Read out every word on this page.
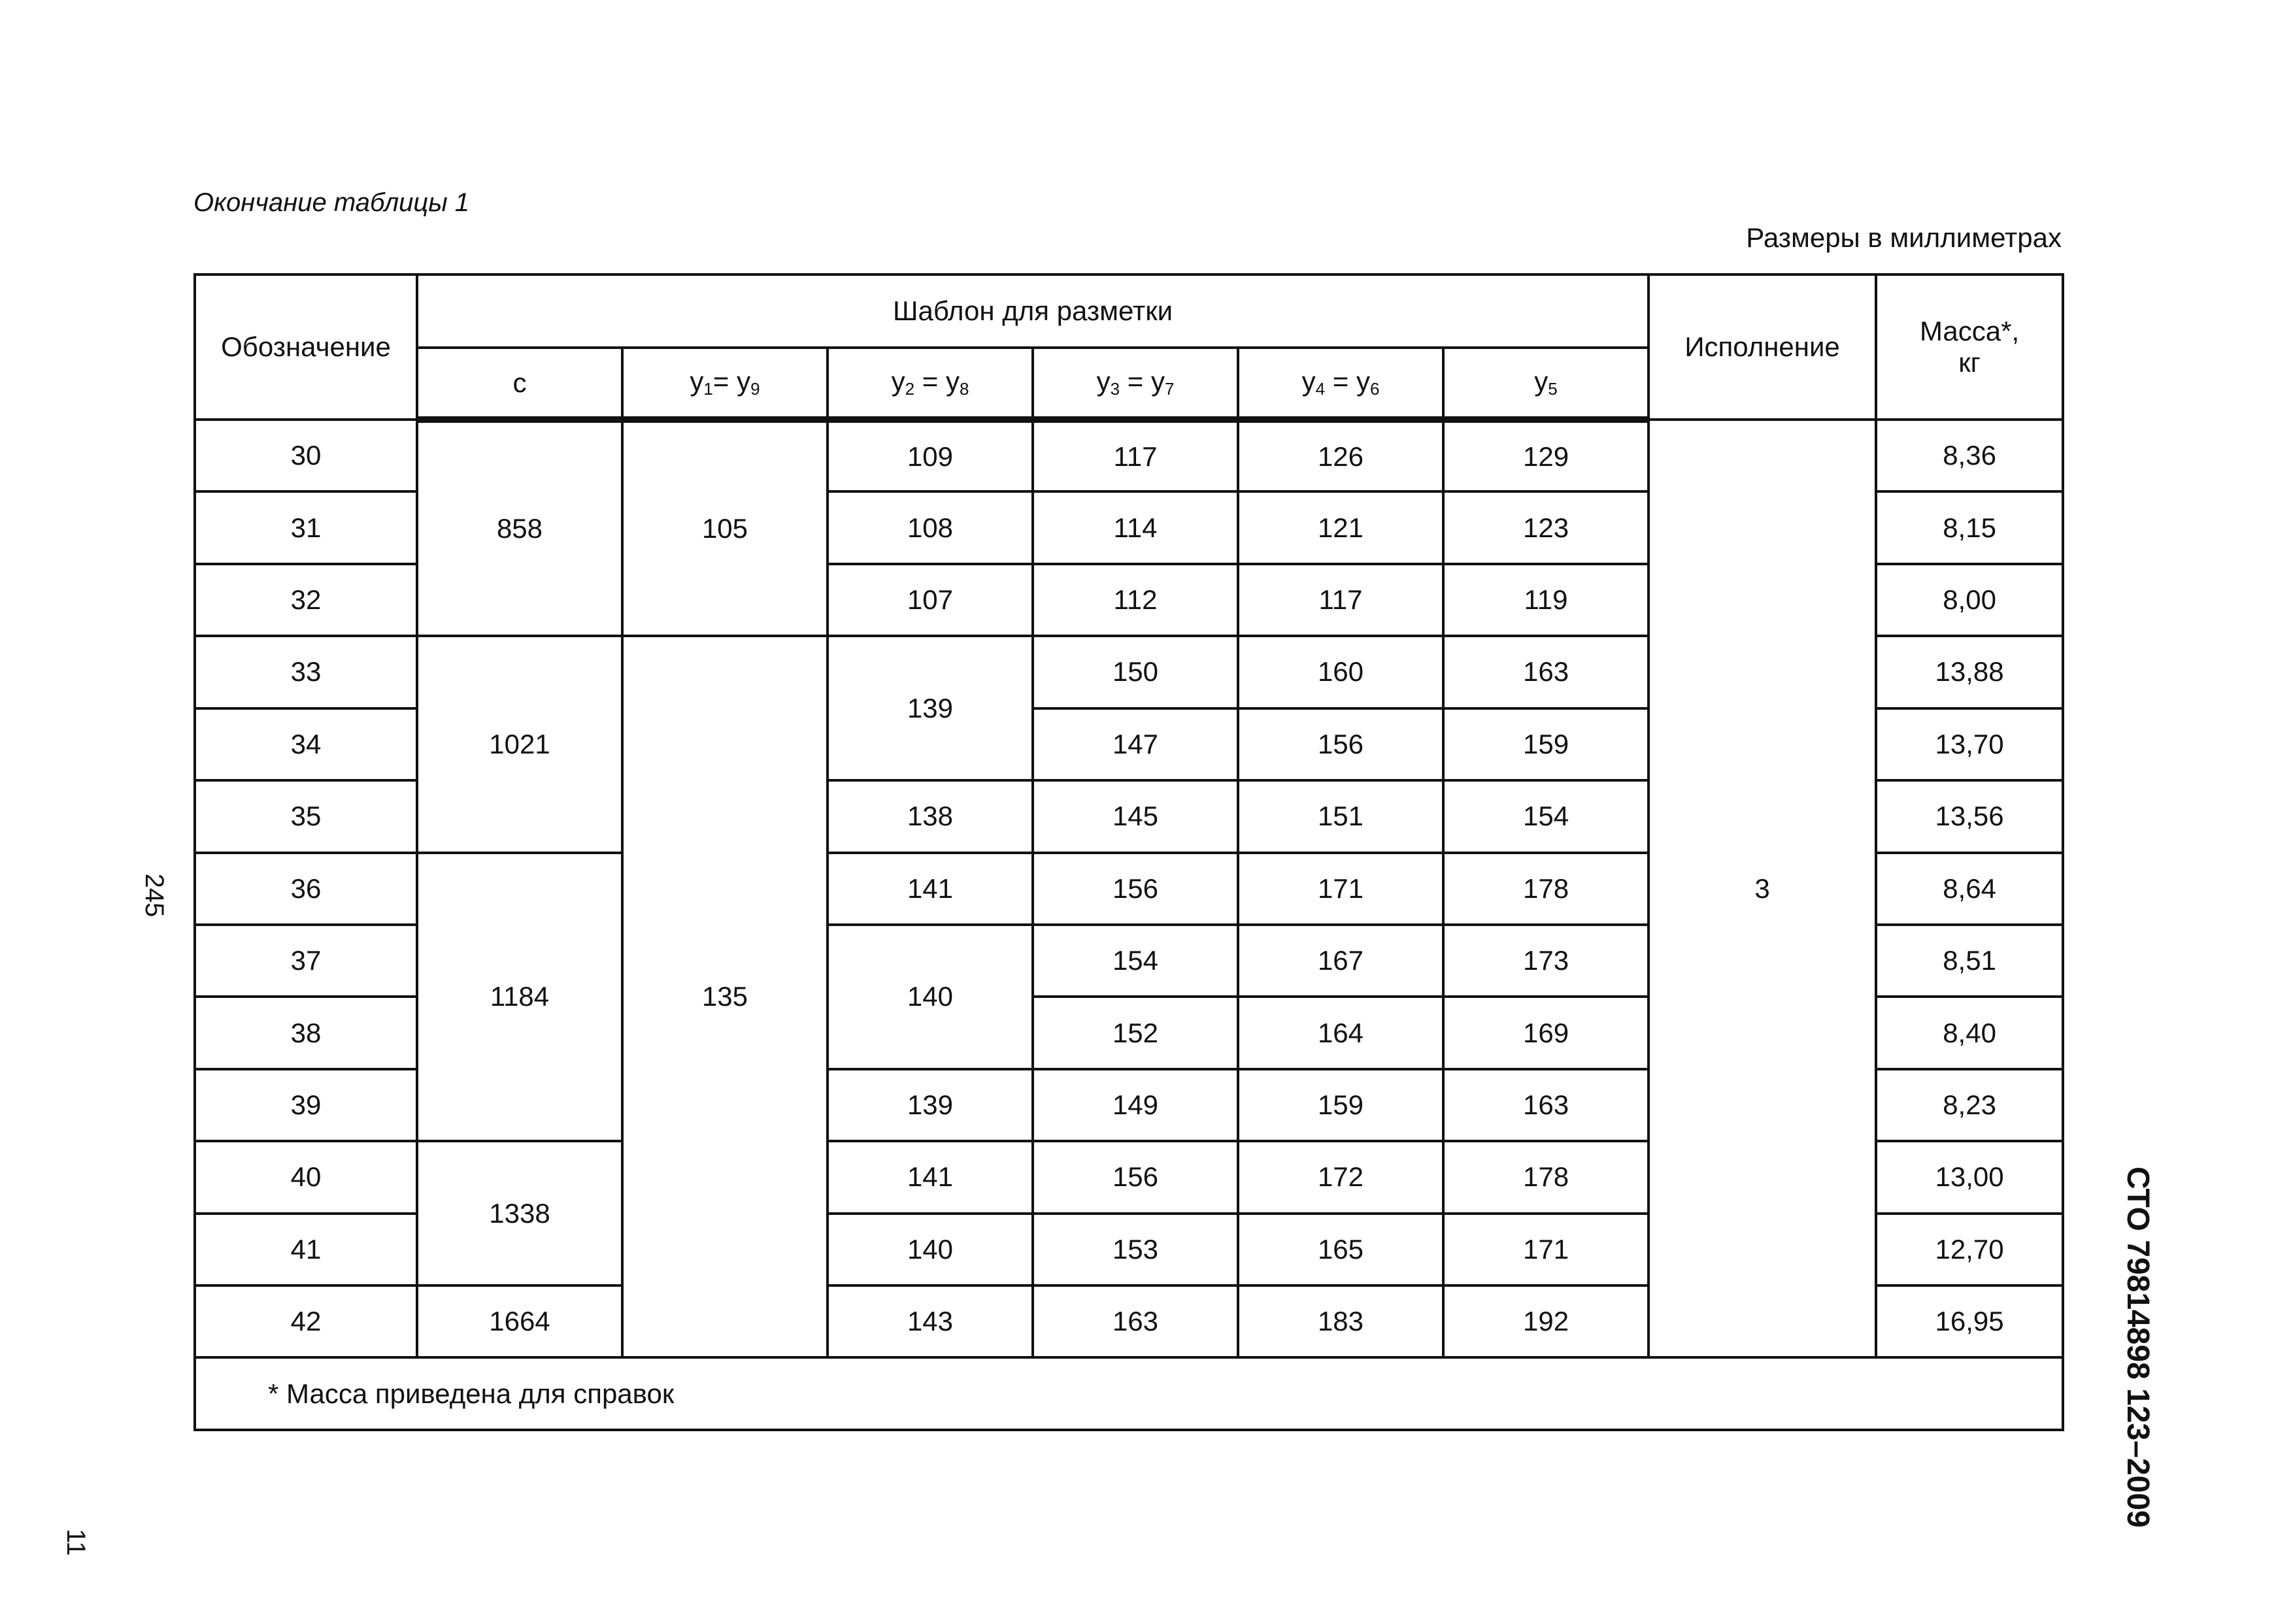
Окончание таблицы 1
Размеры в миллиметрах
Обозначение	Шаблон для разметки						Исполнение	Масса*,
кг
	c	$y_1= y_9$	$y_2 = y_8$	$y_3 = y_7$	$y_4 = y_6$	$y_5$
30	858	105	109	117	126	129	3	8,36
31			108	114	121	123		8,15
32			107	112	117	119		8,00
33	1021	135	139	150	160	163		13,88
34				147	156	159		13,70
35			138	145	151	154		13,56
36	1184		141	156	171	178		8,64
37			140	154	167	173		8,51
38				152	164	169		8,40
39			139	149	159	163		8,23
40	1338		141	156	172	178		13,00
41			140	153	165	171		12,70
42	1664		143	163	183	192		16,95
* Масса приведена для справок								
245
11
СТО 79814898 123–2009
